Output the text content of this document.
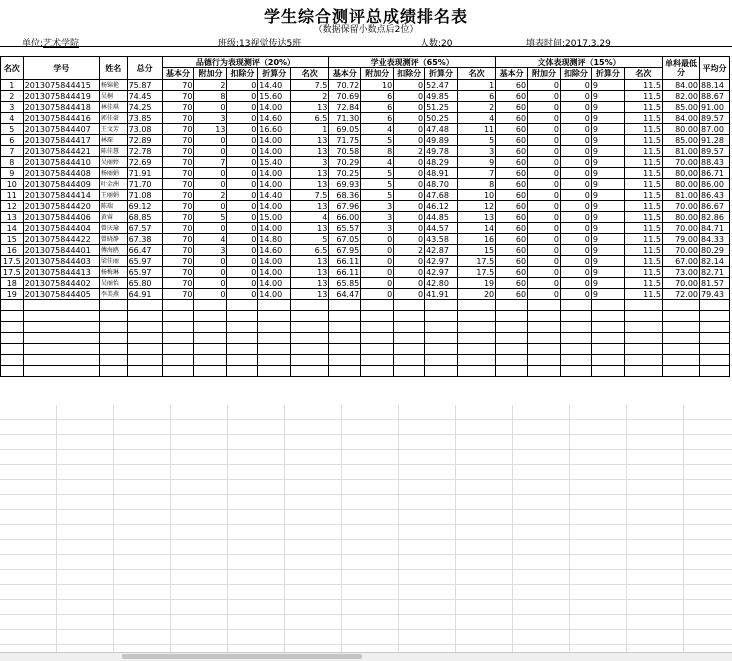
学生综合测评总成绩排名表
（数据保留小数点后2位）
单位:艺术学院	班级:13视觉传达5班	人数:20	填表时间:2017.3.29
名次	学号	姓名	总分	品德行为表现测评（20%）					学业表现测评（65%）					文体表现测评（15%）					单科最低分	平均分
				基本分	附加分	扣除分	折算分	名次	基本分	附加分	扣除分	折算分	名次	基本分	附加分	扣除分	折算分	名次		
1	2013075844415	杨锦艳	75.87	70	2	0	14.40	7.5	70.72	10	0	52.47	1	60	0	0	9	11.5	84.00	88.14
2	2013075844419	吴桐	74.45	70	8	0	15.60	2	70.69	6	0	49.85	6	60	0	0	9	11.5	82.00	88.67
3	2013075844418	林佳琪	74.25	70	0	0	14.00	13	72.84	6	0	51.25	2	60	0	0	9	11.5	85.00	91.00
4	2013075844416	郭佳豪	73.85	70	3	0	14.60	6.5	71.30	6	0	50.25	4	60	0	0	9	11.5	84.00	89.57
5	2013075844407	王文芳	73.08	70	13	0	16.60	1	69.05	4	0	47.48	11	60	0	0	9	11.5	80.00	87.00
6	2013075844417	林琛	72.89	70	0	0	14.00	13	71.75	5	0	49.89	5	60	0	0	9	11.5	85.00	91.28
7	2013075844421	陈佳慧	72.78	70	0	0	14.00	13	70.58	8	2	49.78	3	60	0	0	9	11.5	81.00	89.57
8	2013075844410	吴丽婷	72.69	70	7	0	15.40	3	70.29	4	0	48.29	9	60	0	0	9	11.5	70.00	88.43
9	2013075844408	杨丽娟	71.91	70	0	0	14.00	13	70.25	5	0	48.91	7	60	0	0	9	11.5	80.00	86.71
10	2013075844409	叶金洲	71.70	70	0	0	14.00	13	69.93	5	0	48.70	8	60	0	0	9	11.5	80.00	86.00
11	2013075844414	王丽娟	71.08	70	2	0	14.40	7.5	68.36	5	0	47.68	10	60	0	0	9	11.5	81.00	86.43
12	2013075844420	陈瑞	69.12	70	0	0	14.00	13	67.96	3	0	46.12	12	60	0	0	9	11.5	70.00	86.67
13	2013075844406	黄睿	68.85	70	5	0	15.00	4	66.00	3	0	44.85	13	60	0	0	9	11.5	80.00	82.86
14	2013075844404	曾庆瑜	67.57	70	0	0	14.00	13	65.57	3	0	44.57	14	60	0	0	9	11.5	70.00	84.71
15	2013075844422	曾晓静	67.38	70	4	0	14.80	5	67.05	0	0	43.58	16	60	0	0	9	11.5	79.00	84.33
16	2013075844401	傅海鸥	66.47	70	3	0	14.60	6.5	67.95	0	2	42.87	15	60	0	0	9	11.5	70.00	80.29
17.5	2013075844403	梁佳丽	65.97	70	0	0	14.00	13	66.11	0	0	42.97	17.5	60	0	0	9	11.5	67.00	82.14
17.5	2013075844413	杨梅琳	65.97	70	0	0	14.00	13	66.11	0	0	42.97	17.5	60	0	0	9	11.5	73.00	82.71
18	2013075844402	吴丽怡	65.80	70	0	0	14.00	13	65.85	0	0	42.80	19	60	0	0	9	11.5	70.00	81.57
19	2013075844405	李美燕	64.91	70	0	0	14.00	13	64.47	0	0	41.91	20	60	0	0	9	11.5	72.00	79.43
